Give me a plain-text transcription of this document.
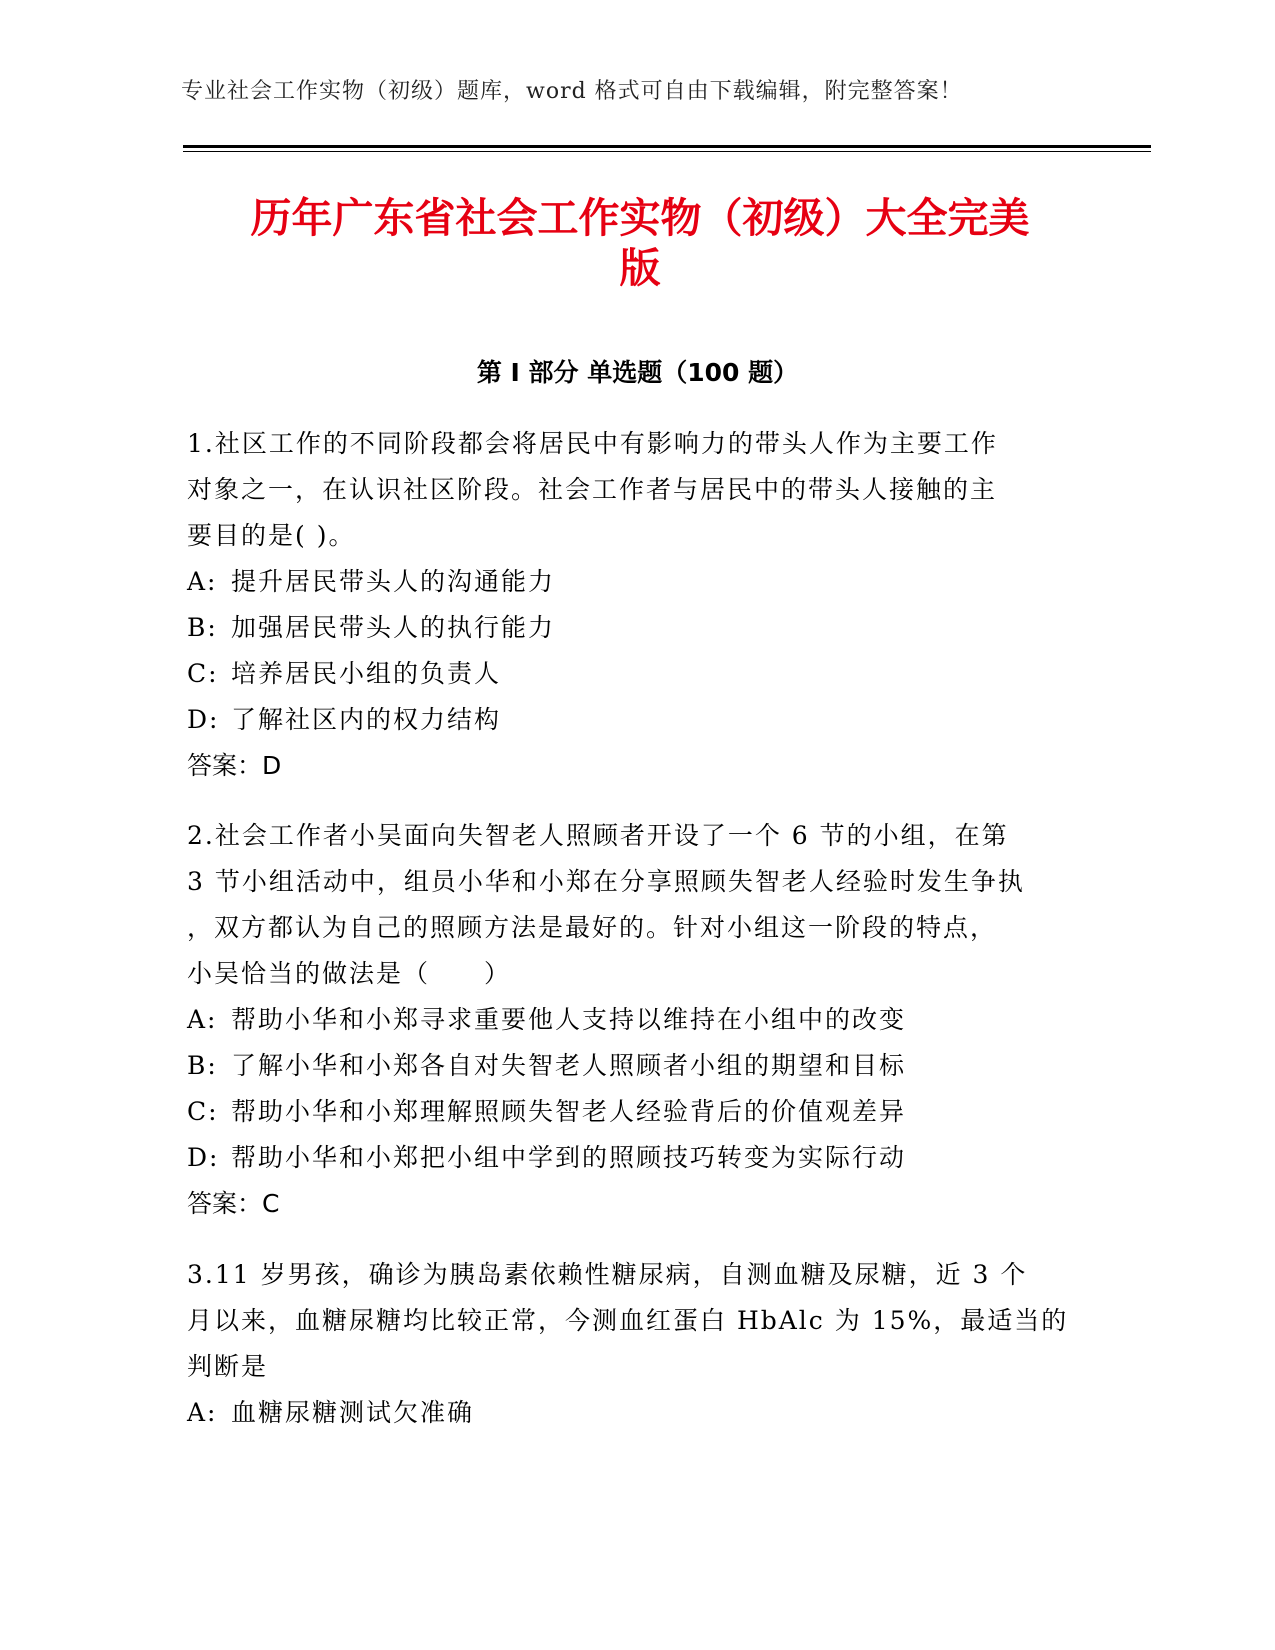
专业社会工作实物（初级）题库，word 格式可自由下载编辑，附完整答案！
历年广东省社会工作实物（初级）大全完美
版
第 I 部分 单选题（100 题）
1.社区工作的不同阶段都会将居民中有影响力的带头人作为主要工作
对象之一，在认识社区阶段。社会工作者与居民中的带头人接触的主
要目的是( )。
A: 提升居民带头人的沟通能力
B: 加强居民带头人的执行能力
C: 培养居民小组的负责人
D: 了解社区内的权力结构
答案：D
2.社会工作者小吴面向失智老人照顾者开设了一个 6 节的小组，在第
3 节小组活动中，组员小华和小郑在分享照顾失智老人经验时发生争执
，双方都认为自己的照顾方法是最好的。针对小组这一阶段的特点，
小吴恰当的做法是（　　）
A: 帮助小华和小郑寻求重要他人支持以维持在小组中的改变
B: 了解小华和小郑各自对失智老人照顾者小组的期望和目标
C: 帮助小华和小郑理解照顾失智老人经验背后的价值观差异
D: 帮助小华和小郑把小组中学到的照顾技巧转变为实际行动
答案：C
3.11 岁男孩，确诊为胰岛素依赖性糖尿病，自测血糖及尿糖，近 3 个
月以来，血糖尿糖均比较正常，今测血红蛋白 HbAlc 为 15%，最适当的
判断是
A: 血糖尿糖测试欠准确
